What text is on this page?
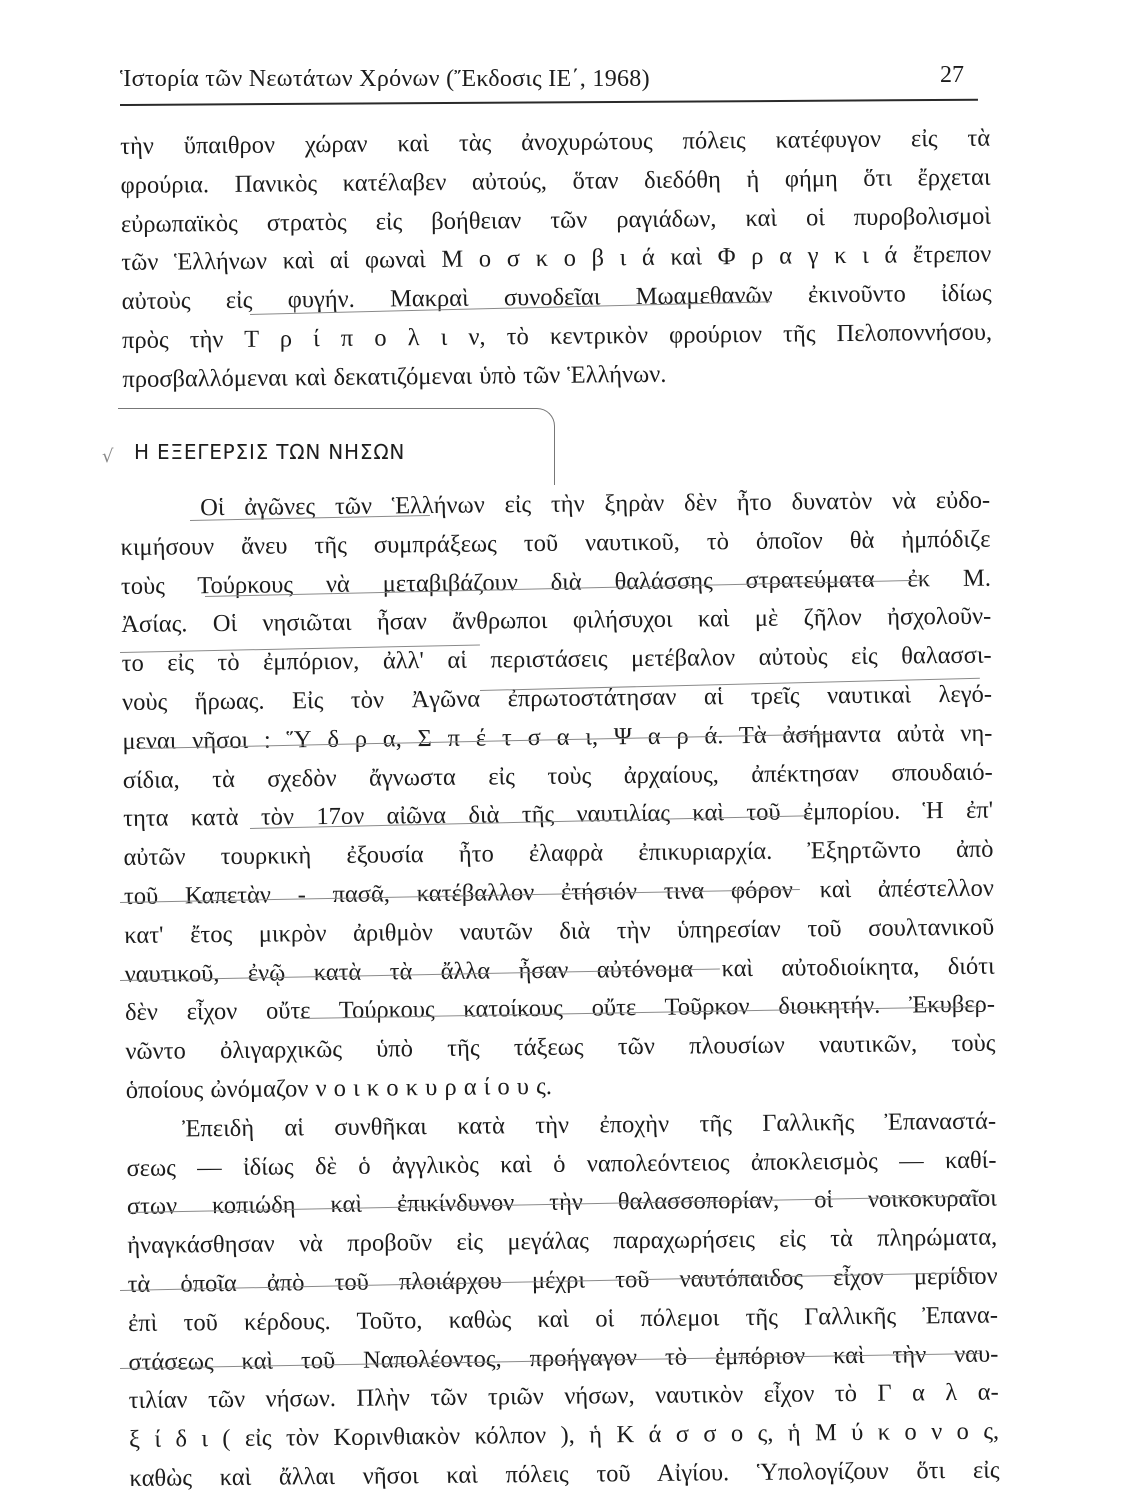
Ἱστορία τῶν Νεωτάτων Χρόνων (Ἔκδοσις ΙΕ΄, 1968)	27
τὴν ὕπαιθρον χώραν καὶ τὰς ἀνοχυρώτους πόλεις κατέφυγον εἰς τὰ
φρούρια. Πανικὸς κατέλαβεν αὐτούς, ὅταν διεδόθη ἡ φήμη ὅτι ἔρχεται
εὐρωπαϊκὸς στρατὸς εἰς βοήθειαν τῶν ραγιάδων, καὶ οἱ πυροβολισμοὶ
τῶν Ἑλλήνων καὶ αἱ φωναὶ Μ ο σ κ ο β ι ά καὶ Φ ρ α γ κ ι ά ἔτρεπον
αὐτοὺς εἰς φυγήν. Μακραὶ συνοδεῖαι Μωαμεθανῶν ἐκινοῦντο ἰδίως
πρὸς τὴν Τ ρ ί π ο λ ι ν, τὸ κεντρικὸν φρούριον τῆς Πελοποννήσου,
προσβαλλόμεναι καὶ δεκατιζόμεναι ὑπὸ τῶν Ἑλλήνων.
√ Η ΕΞΕΓΕΡΣΙΣ ΤΩΝ ΝΗΣΩΝ
Οἱ ἀγῶνες τῶν Ἑλλήνων εἰς τὴν ξηρὰν δὲν ἦτο δυνατὸν νὰ εὐδο-
κιμήσουν ἄνευ τῆς συμπράξεως τοῦ ναυτικοῦ, τὸ ὁποῖον θὰ ἠμπόδιζε
τοὺς Τούρκους νὰ μεταβιβάζουν διὰ θαλάσσης στρατεύματα ἐκ Μ.
Ἀσίας. Οἱ νησιῶται ἦσαν ἄνθρωποι φιλήσυχοι καὶ μὲ ζῆλον ἠσχολοῦν-
το εἰς τὸ ἐμπόριον, ἀλλ' αἱ περιστάσεις μετέβαλον αὐτοὺς εἰς θαλασσι-
νοὺς ἥρωας. Εἰς τὸν Ἀγῶνα ἐπρωτοστάτησαν αἱ τρεῖς ναυτικαὶ λεγό-
μεναι νῆσοι : Ὕ δ ρ α, Σ π έ τ σ α ι, Ψ α ρ ά. Τὰ ἀσήμαντα αὐτὰ νη-
σίδια, τὰ σχεδὸν ἄγνωστα εἰς τοὺς ἀρχαίους, ἀπέκτησαν σπουδαιό-
τητα κατὰ τὸν 17ον αἰῶνα διὰ τῆς ναυτιλίας καὶ τοῦ ἐμπορίου. Ἡ ἐπ'
αὐτῶν τουρκικὴ ἐξουσία ἦτο ἐλαφρὰ ἐπικυριαρχία. Ἐξηρτῶντο ἀπὸ
τοῦ Καπετὰν - πασᾶ, κατέβαλλον ἐτήσιόν τινα φόρον καὶ ἀπέστελλον
κατ' ἔτος μικρὸν ἀριθμὸν ναυτῶν διὰ τὴν ὑπηρεσίαν τοῦ σουλτανικοῦ
ναυτικοῦ, ἐνῷ κατὰ τὰ ἄλλα ἦσαν αὐτόνομα καὶ αὐτοδιοίκητα, διότι
δὲν εἶχον οὔτε Τούρκους κατοίκους οὔτε Τοῦρκον διοικητήν. Ἐκυβερ-
νῶντο ὀλιγαρχικῶς ὑπὸ τῆς τάξεως τῶν πλουσίων ναυτικῶν, τοὺς
ὁποίους ὠνόμαζον ν ο ι κ ο κ υ ρ α ί ο υ ς.
Ἐπειδὴ αἱ συνθῆκαι κατὰ τὴν ἐποχὴν τῆς Γαλλικῆς Ἐπαναστά-
σεως — ἰδίως δὲ ὁ ἀγγλικὸς καὶ ὁ ναπολεόντειος ἀποκλεισμὸς — καθί-
στων κοπιώδη καὶ ἐπικίνδυνον τὴν θαλασσοπορίαν, οἱ νοικοκυραῖοι
ἠναγκάσθησαν νὰ προβοῦν εἰς μεγάλας παραχωρήσεις εἰς τὰ πληρώματα,
τὰ ὁποῖα ἀπὸ τοῦ πλοιάρχου μέχρι τοῦ ναυτόπαιδος εἶχον μερίδιον
ἐπὶ τοῦ κέρδους. Τοῦτο, καθὼς καὶ οἱ πόλεμοι τῆς Γαλλικῆς Ἐπανα-
στάσεως καὶ τοῦ Ναπολέοντος, προήγαγον τὸ ἐμπόριον καὶ τὴν ναυ-
τιλίαν τῶν νήσων. Πλὴν τῶν τριῶν νήσων, ναυτικὸν εἶχον τὸ Γ α λ α-
ξ ί δ ι ( εἰς τὸν Κορινθιακὸν κόλπον ), ἡ Κ ά σ σ ο ς, ἡ Μ ύ κ ο ν ο ς,
καθὼς καὶ ἄλλαι νῆσοι καὶ πόλεις τοῦ Αἰγίου. Ὑπολογίζουν ὅτι εἰς
